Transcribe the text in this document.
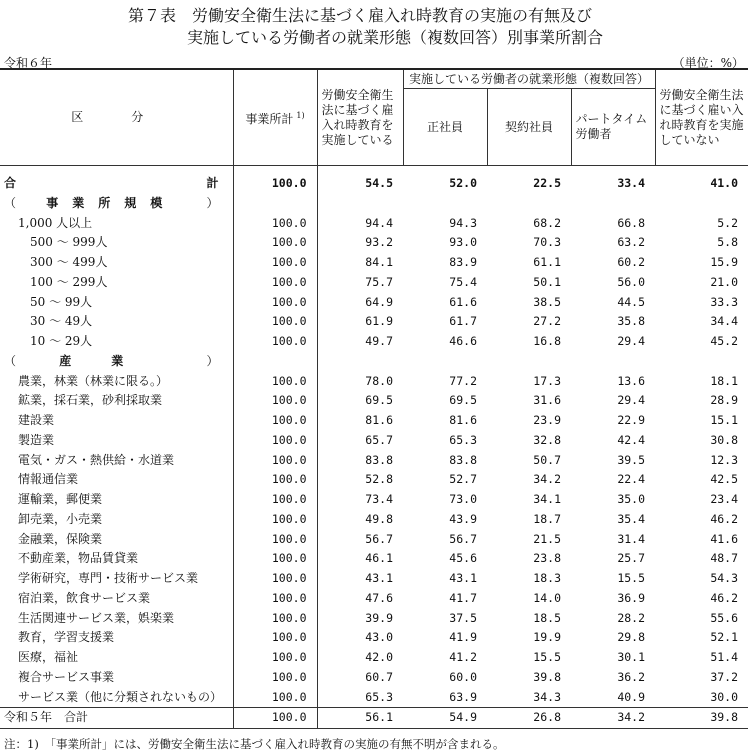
第７表　労働安全衛生法に基づく雇入れ時教育の実施の有無及び
実施している労働者の就業形態（複数回答）別事業所割合
令和６年	（単位：%）
区　分	事業所計 $^{1)}$	労働安全衛生法に基づく雇入れ時教育を実施している	実施している労働者の就業形態（複数回答）			労働安全衛生法に基づく雇い入れ時教育を実施していない
			正社員	契約社員	パートタイム労働者	

合 計	100.0	54.5	52.0	22.5	33.4	41.0

（ 事業所規模 ）						

1,000 人以上	100.0	94.4	94.3	68.2	66.8	5.2
500 ～ 999人	100.0	93.2	93.0	70.3	63.2	5.8
300 ～ 499人	100.0	84.1	83.9	61.1	60.2	15.9
100 ～ 299人	100.0	75.7	75.4	50.1	56.0	21.0
50 ～ 99人	100.0	64.9	61.6	38.5	44.5	33.3
30 ～ 49人	100.0	61.9	61.7	27.2	35.8	34.4
10 ～ 29人	100.0	49.7	46.6	16.8	29.4	45.2

（ 産業 ）						

農業，林業（林業に限る。）	100.0	78.0	77.2	17.3	13.6	18.1
鉱業，採石業，砂利採取業	100.0	69.5	69.5	31.6	29.4	28.9
建設業	100.0	81.6	81.6	23.9	22.9	15.1
製造業	100.0	65.7	65.3	32.8	42.4	30.8
電気・ガス・熱供給・水道業	100.0	83.8	83.8	50.7	39.5	12.3
情報通信業	100.0	52.8	52.7	34.2	22.4	42.5
運輸業，郵便業	100.0	73.4	73.0	34.1	35.0	23.4
卸売業，小売業	100.0	49.8	43.9	18.7	35.4	46.2
金融業，保険業	100.0	56.7	56.7	21.5	31.4	41.6
不動産業，物品賃貸業	100.0	46.1	45.6	23.8	25.7	48.7
学術研究，専門・技術サービス業	100.0	43.1	43.1	18.3	15.5	54.3
宿泊業，飲食サービス業	100.0	47.6	41.7	14.0	36.9	46.2
生活関連サービス業，娯楽業	100.0	39.9	37.5	18.5	28.2	55.6
教育，学習支援業	100.0	43.0	41.9	19.9	29.8	52.1
医療，福祉	100.0	42.0	41.2	15.5	30.1	51.4
複合サービス事業	100.0	60.7	60.0	39.8	36.2	37.2
サービス業（他に分類されないもの）	100.0	65.3	63.9	34.3	40.9	30.0
令和５年　合計	100.0	56.1	54.9	26.8	34.2	39.8
注：1)　「事業所計」には、労働安全衛生法に基づく雇入れ時教育の実施の有無不明が含まれる。
